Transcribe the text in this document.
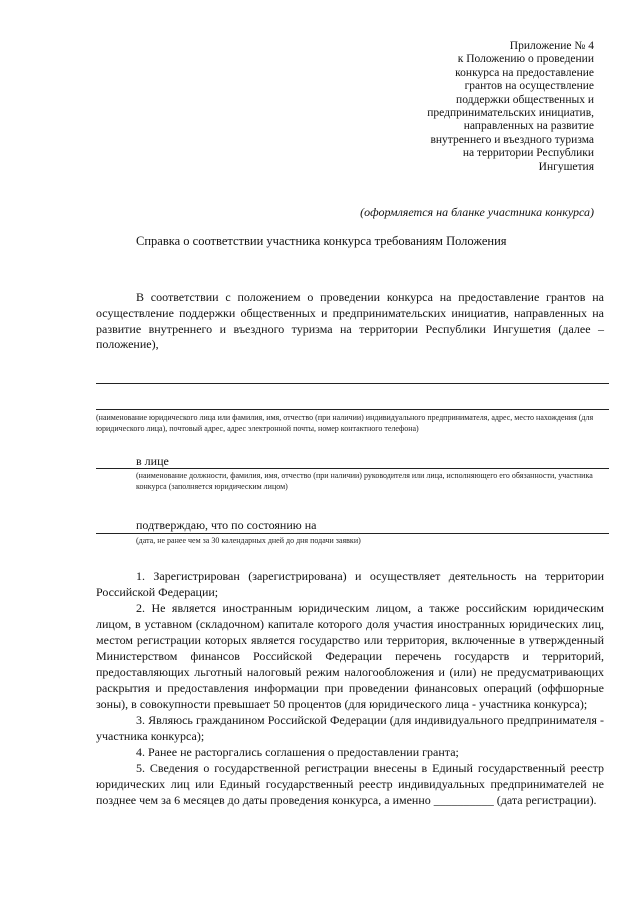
Приложение № 4
к Положению о проведении
конкурса на предоставление
грантов на осуществление
поддержки общественных и
предпринимательских инициатив,
направленных на развитие
внутреннего и въездного туризма
на территории Республики
Ингушетия
(оформляется на бланке участника конкурса)
Справка о соответствии участника конкурса требованиям Положения

В соответствии с положением о проведении конкурса на предоставление грантов на осуществление поддержки общественных и предпринимательских инициатив, направленных на развитие внутреннего и въездного туризма на территории Республики Ингушетия (далее – положение),

(наименование юридического лица или фамилия, имя, отчество (при наличии) индивидуального предпринимателя, адрес, место нахождения (для юридического лица), почтовый адрес, адрес электронной почты, номер контактного телефона)
в лице
(наименование должности, фамилия, имя, отчество (при наличии) руководителя или лица, исполняющего его обязанности, участника конкурса (заполняется юридическим лицом)
подтверждаю, что по состоянию на
(дата, не ранее чем за 30 календарных дней до дня подачи заявки)

1. Зарегистрирован (зарегистрирована) и осуществляет деятельность на территории Российской Федерации;

2. Не является иностранным юридическим лицом, а также российским юридическим лицом, в уставном (складочном) капитале которого доля участия иностранных юридических лиц, местом регистрации которых является государство или территория, включенные в утвержденный Министерством финансов Российской Федерации перечень государств и территорий, предоставляющих льготный налоговый режим налогообложения и (или) не предусматривающих раскрытия и предоставления информации при проведении финансовых операций (оффшорные зоны), в совокупности превышает 50 процентов (для юридического лица - участника конкурса);

3. Являюсь гражданином Российской Федерации (для индивидуального предпринимателя - участника конкурса);

4. Ранее не расторгались соглашения о предоставлении гранта;

5. Сведения о государственной регистрации внесены в Единый государственный реестр юридических лиц или Единый государственный реестр индивидуальных предпринимателей не позднее чем за 6 месяцев до даты проведения конкурса, а именно __________ (дата регистрации).
